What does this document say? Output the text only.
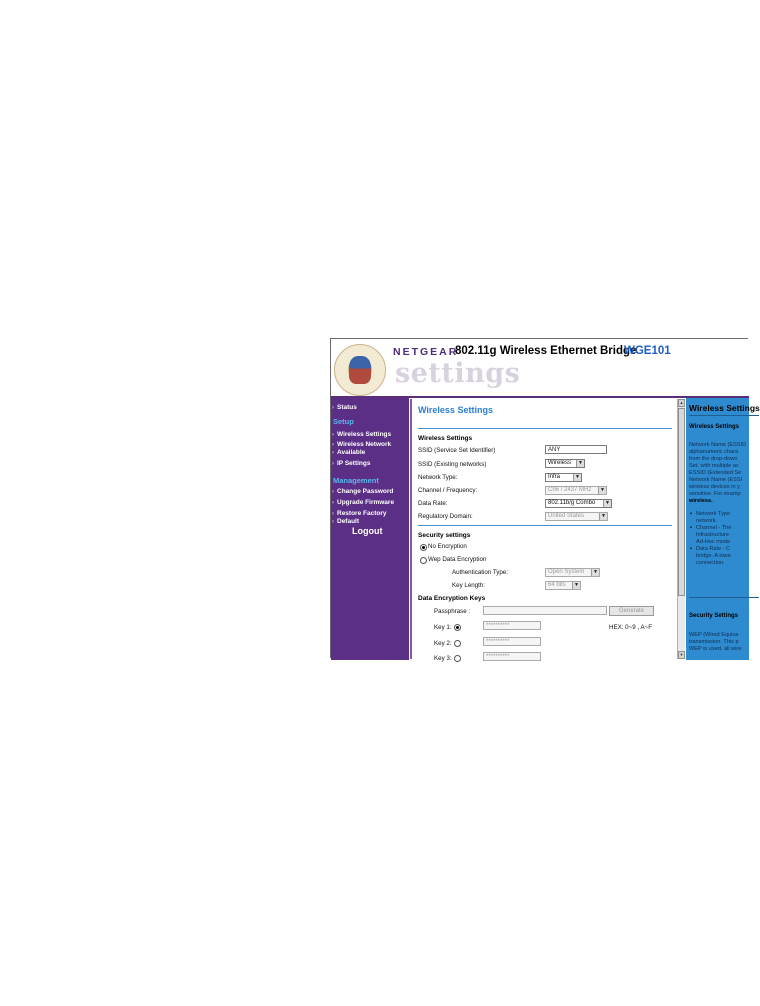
NETGEAR
802.11g Wireless Ethernet Bridge
WGE101
settings
› Status
Setup
› Wireless Settings
› Wireless Network
› Available
› IP Settings
Management
› Change Password
› Upgrade Firmware
› Restore Factory
› Default
Logout
Wireless Settings
Wireless Settings
SSID (Service Set Identifier)	ANY
SSID (Existing networks)	Wireless	▼
Network Type:	Infra	▼
Channel / Frequency:	Ch6 / 2437 MHz	▼
Data Rate:	802.11b/g Combo	▼
Regulatory Domain:	United States	▼
Security settings
No Encryption
Wep Data Encryption
Authentication Type:	Open System	▼
Key Length:	64 bits	▼
Data Encryption Keys
Passphrase :	Generate
Key 1:	**********	HEX: 0~9 , A~F
Key 2:	**********
Key 3:	**********
▲
▼
Wireless Settings
Wireless Settings
Network Name (ESSID
alphanumeric chara
from the drop-down
Set, with multiple ac
ESSID (Extended Se
Network Name (ESSI
wireless devices in y
sensitive. For examp
wireless.
• Network Type
network.
• Channel - The
Infrastructure
Ad-Hoc mode
• Data Rate - C
bridge. A lowe
connection.
Security Settings
WEP (Wired Equiva
transmission. This p
WEP is used, all wire
